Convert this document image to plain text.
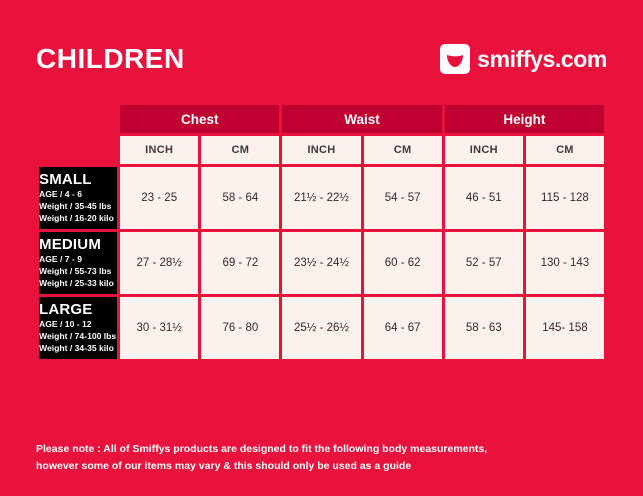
CHILDREN	smiffys.com
	Chest		Waist		Height	
	INCH	CM	INCH	CM	INCH	CM

SMALL
AGE / 4 - 6
Weight / 35-45 lbs
Weight / 16-20 kilo	23 - 25	58 - 64	21½ - 22½	54 - 57	46 - 51	115 - 128

MEDIUM
AGE / 7 - 9
Weight / 55-73 lbs
Weight / 25-33 kilo	27 - 28½	69 - 72	23½ - 24½	60 - 62	52 - 57	130 - 143

LARGE
AGE / 10 - 12
Weight / 74-100 lbs
Weight / 34-35 kilo	30 - 31½	76 - 80	25½ - 26½	64 - 67	58 - 63	145- 158
Please note : All of Smiffys products are designed to fit the following body measurements,
however some of our items may vary & this should only be used as a guide
